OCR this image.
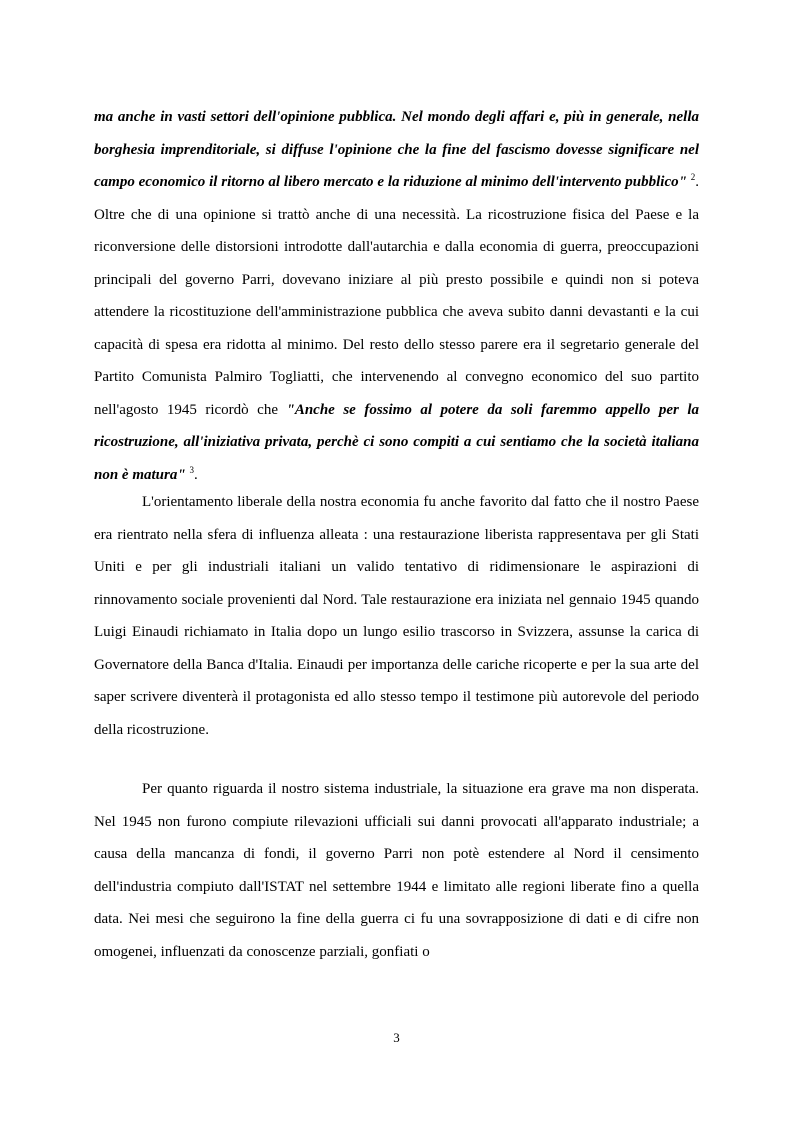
ma anche in vasti settori dell'opinione pubblica. Nel mondo degli affari e, più in generale, nella borghesia imprenditoriale, si diffuse l'opinione che la fine del fascismo dovesse significare nel campo economico il ritorno al libero mercato e la riduzione al minimo dell'intervento pubblico" $^2$. Oltre che di una opinione si trattò anche di una necessità. La ricostruzione fisica del Paese e la riconversione delle distorsioni introdotte dall'autarchia e dalla economia di guerra, preoccupazioni principali del governo Parri, dovevano iniziare al più presto possibile e quindi non si poteva attendere la ricostituzione dell'amministrazione pubblica che aveva subito danni devastanti e la cui capacità di spesa era ridotta al minimo. Del resto dello stesso parere era il segretario generale del Partito Comunista Palmiro Togliatti, che intervenendo al convegno economico del suo partito nell'agosto 1945 ricordò che "Anche se fossimo al potere da soli faremmo appello per la ricostruzione, all'iniziativa privata, perchè ci sono compiti a cui sentiamo che la società italiana non è matura" $^3$.

L'orientamento liberale della nostra economia fu anche favorito dal fatto che il nostro Paese era rientrato nella sfera di influenza alleata : una restaurazione liberista rappresentava per gli Stati Uniti e per gli industriali italiani un valido tentativo di ridimensionare le aspirazioni di rinnovamento sociale provenienti dal Nord. Tale restaurazione era iniziata nel gennaio 1945 quando Luigi Einaudi richiamato in Italia dopo un lungo esilio trascorso in Svizzera, assunse la carica di Governatore della Banca d'Italia. Einaudi per importanza delle cariche ricoperte e per la sua arte del saper scrivere diventerà il protagonista ed allo stesso tempo il testimone più autorevole del periodo della ricostruzione.

Per quanto riguarda il nostro sistema industriale, la situazione era grave ma non disperata. Nel 1945 non furono compiute rilevazioni ufficiali sui danni provocati all'apparato industriale; a causa della mancanza di fondi, il governo Parri non potè estendere al Nord il censimento dell'industria compiuto dall'ISTAT nel settembre 1944 e limitato alle regioni liberate fino a quella data. Nei mesi che seguirono la fine della guerra ci fu una sovrapposizione di dati e di cifre non omogenei, influenzati da conoscenze parziali, gonfiati o

3
